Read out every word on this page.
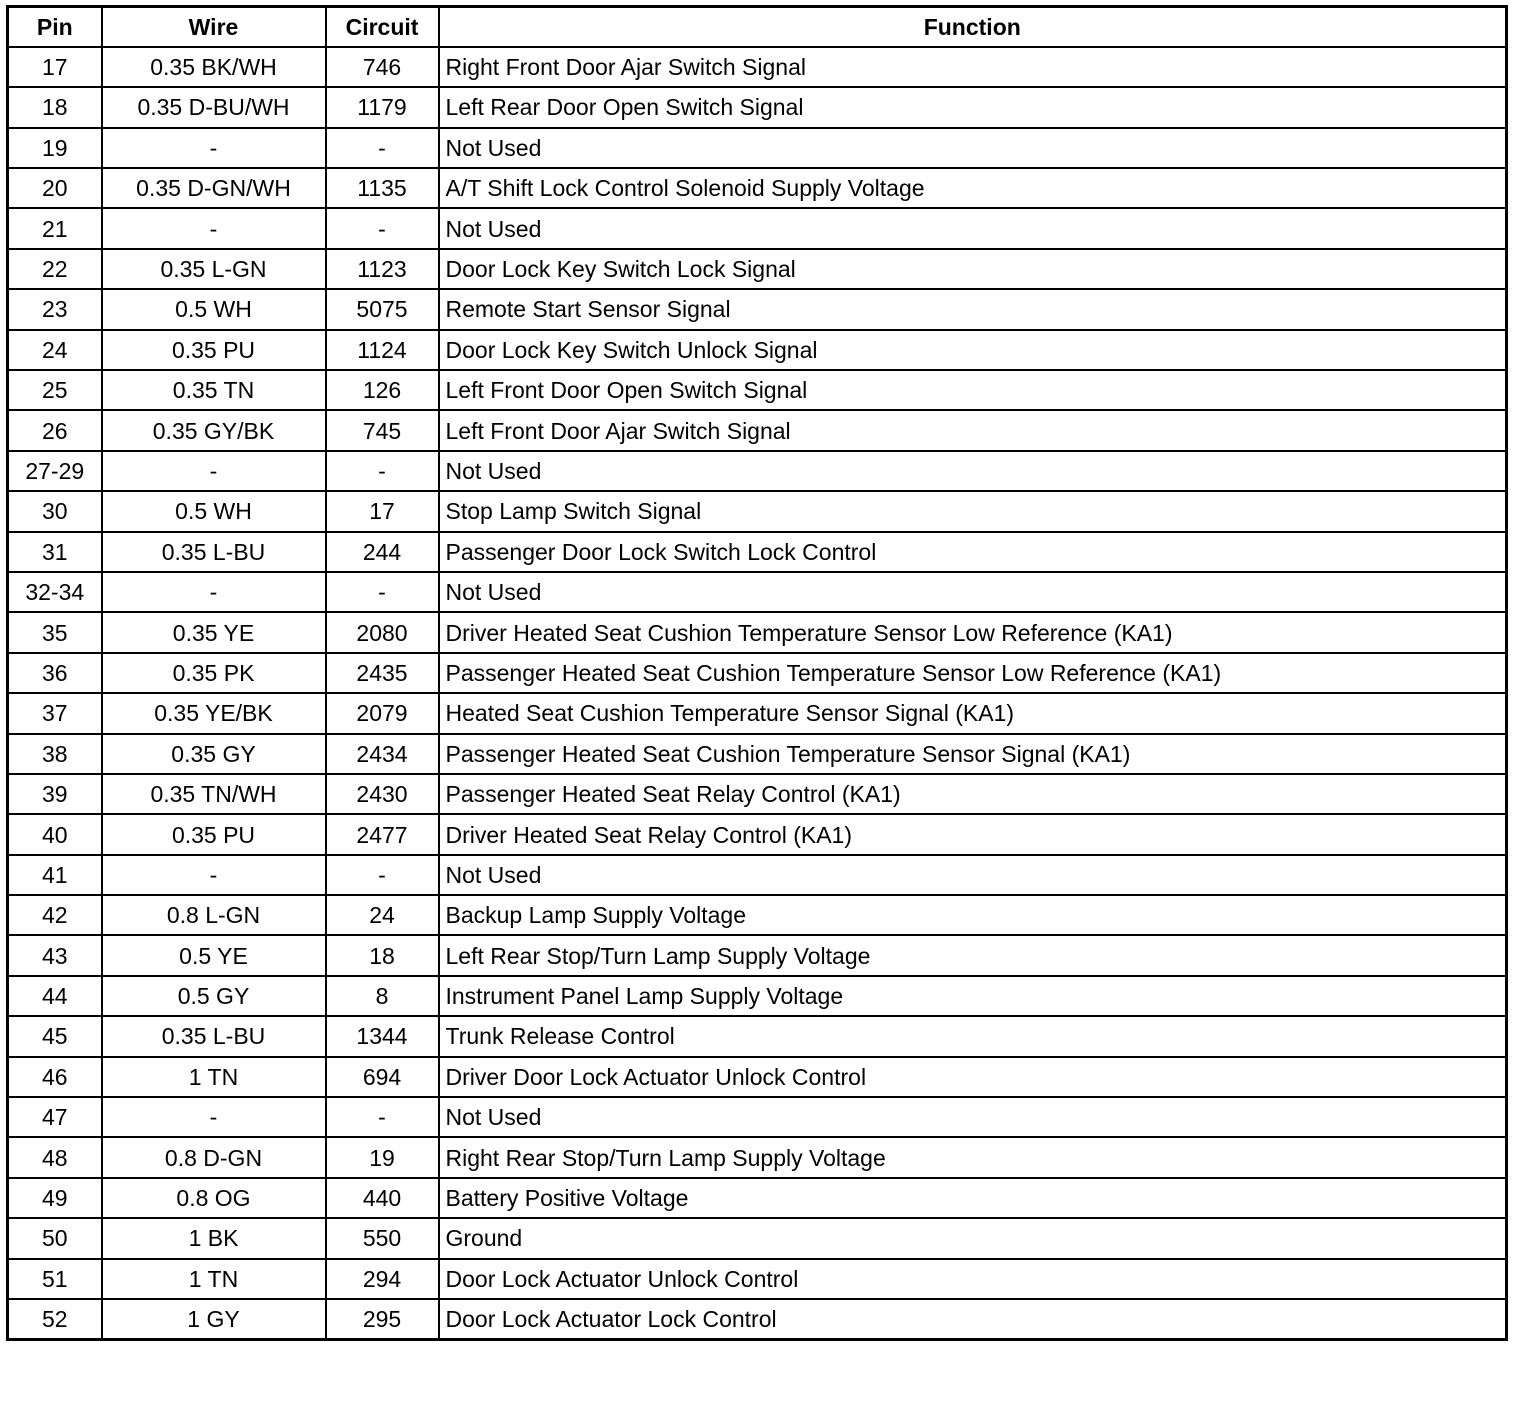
Pin	Wire	Circuit	Function
17	0.35 BK/WH	746	Right Front Door Ajar Switch Signal
18	0.35 D-BU/WH	1179	Left Rear Door Open Switch Signal
19	-	-	Not Used
20	0.35 D-GN/WH	1135	A/T Shift Lock Control Solenoid Supply Voltage
21	-	-	Not Used
22	0.35 L-GN	1123	Door Lock Key Switch Lock Signal
23	0.5 WH	5075	Remote Start Sensor Signal
24	0.35 PU	1124	Door Lock Key Switch Unlock Signal
25	0.35 TN	126	Left Front Door Open Switch Signal
26	0.35 GY/BK	745	Left Front Door Ajar Switch Signal
27-29	-	-	Not Used
30	0.5 WH	17	Stop Lamp Switch Signal
31	0.35 L-BU	244	Passenger Door Lock Switch Lock Control
32-34	-	-	Not Used
35	0.35 YE	2080	Driver Heated Seat Cushion Temperature Sensor Low Reference (KA1)
36	0.35 PK	2435	Passenger Heated Seat Cushion Temperature Sensor Low Reference (KA1)
37	0.35 YE/BK	2079	Heated Seat Cushion Temperature Sensor Signal (KA1)
38	0.35 GY	2434	Passenger Heated Seat Cushion Temperature Sensor Signal (KA1)
39	0.35 TN/WH	2430	Passenger Heated Seat Relay Control (KA1)
40	0.35 PU	2477	Driver Heated Seat Relay Control (KA1)
41	-	-	Not Used
42	0.8 L-GN	24	Backup Lamp Supply Voltage
43	0.5 YE	18	Left Rear Stop/Turn Lamp Supply Voltage
44	0.5 GY	8	Instrument Panel Lamp Supply Voltage
45	0.35 L-BU	1344	Trunk Release Control
46	1 TN	694	Driver Door Lock Actuator Unlock Control
47	-	-	Not Used
48	0.8 D-GN	19	Right Rear Stop/Turn Lamp Supply Voltage
49	0.8 OG	440	Battery Positive Voltage
50	1 BK	550	Ground
51	1 TN	294	Door Lock Actuator Unlock Control
52	1 GY	295	Door Lock Actuator Lock Control
